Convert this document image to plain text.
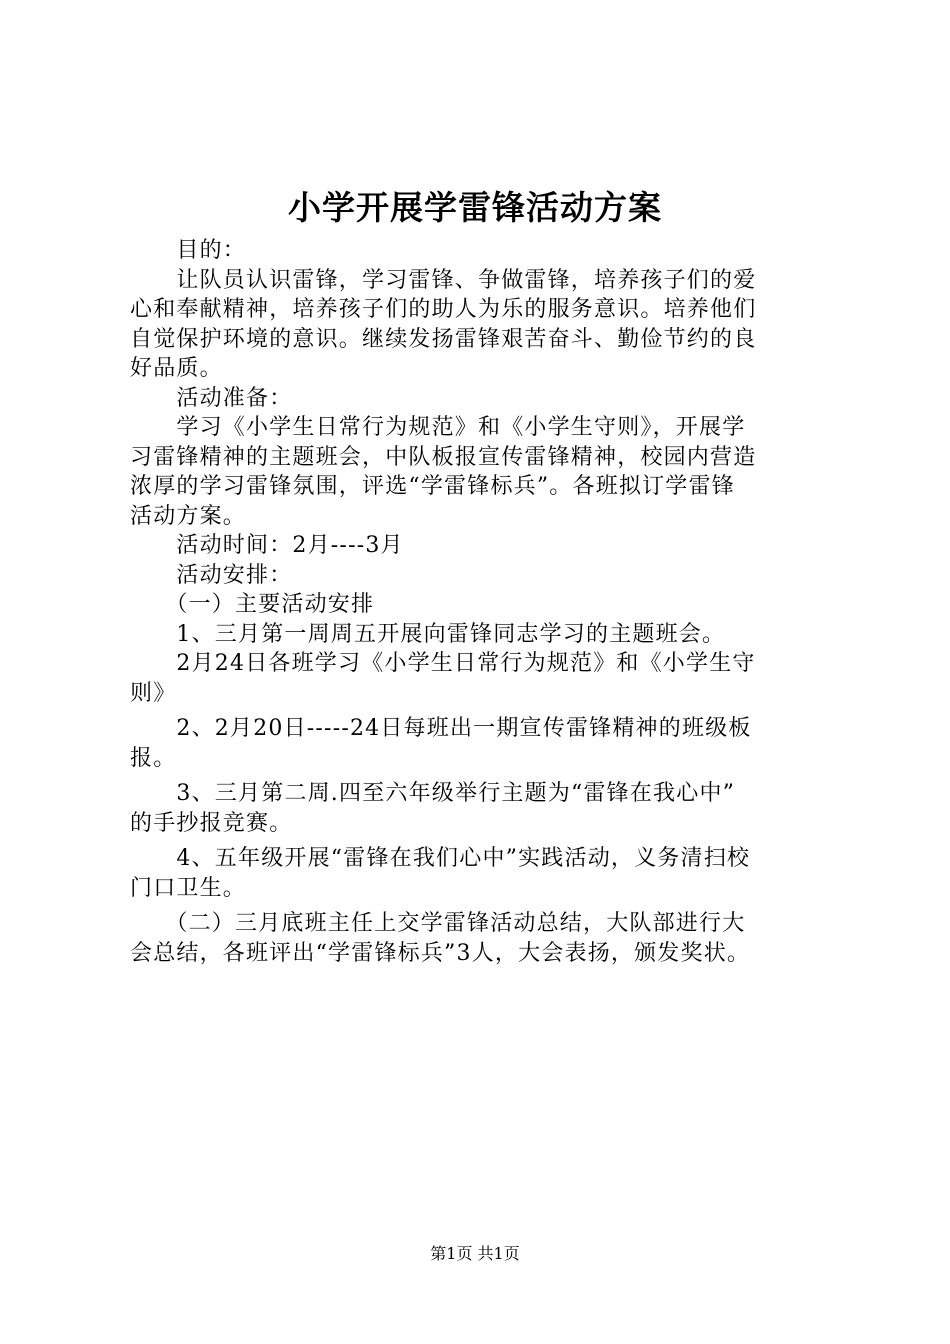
小学开展学雷锋活动方案
　　目的：
　　让队员认识雷锋，学习雷锋、争做雷锋，培养孩子们的爱
心和奉献精神，培养孩子们的助人为乐的服务意识。培养他们
自觉保护环境的意识。继续发扬雷锋艰苦奋斗、勤俭节约的良
好品质。
　　活动准备：
　　学习《小学生日常行为规范》和《小学生守则》，开展学
习雷锋精神的主题班会，中队板报宣传雷锋精神，校园内营造
浓厚的学习雷锋氛围，评选“学雷锋标兵”。各班拟订学雷锋
活动方案。
　　活动时间：2月----3月
　　活动安排：
　　（一）主要活动安排
　　1、三月第一周周五开展向雷锋同志学习的主题班会。
　　2月24日各班学习《小学生日常行为规范》和《小学生守
则》
　　2、2月20日-----24日每班出一期宣传雷锋精神的班级板
报。
　　3、三月第二周.四至六年级举行主题为“雷锋在我心中”
的手抄报竞赛。
　　4、五年级开展“雷锋在我们心中”实践活动，义务清扫校
门口卫生。
　　（二）三月底班主任上交学雷锋活动总结，大队部进行大
会总结，各班评出“学雷锋标兵”3人，大会表扬，颁发奖状。
第1页 共1页
